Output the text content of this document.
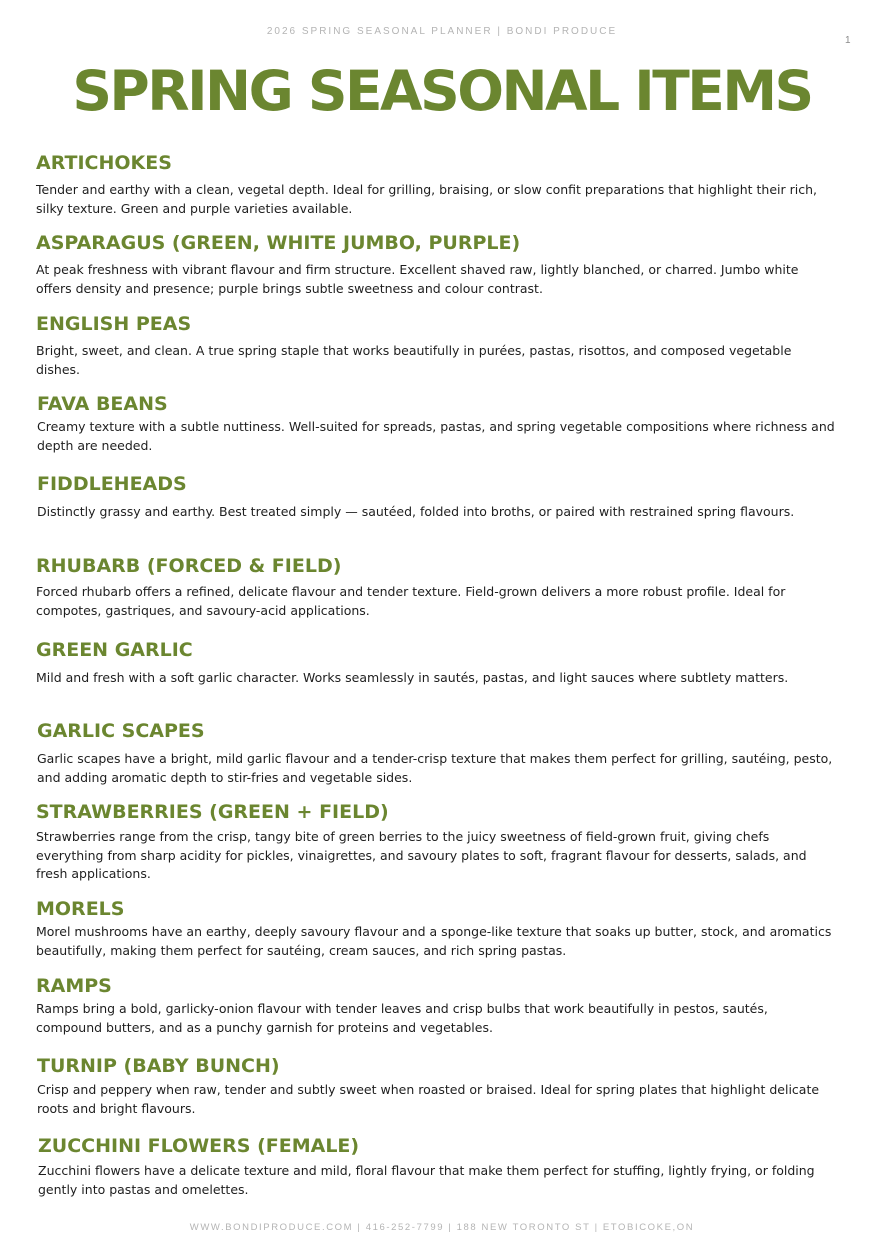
2026 SPRING SEASONAL PLANNER | BONDI PRODUCE
1
SPRING SEASONAL ITEMS
ARTICHOKES

Tender and earthy with a clean, vegetal depth. Ideal for grilling, braising, or slow confit preparations that highlight their rich, silky texture. Green and purple varieties available.

ASPARAGUS (GREEN, WHITE JUMBO, PURPLE)

At peak freshness with vibrant flavour and firm structure. Excellent shaved raw, lightly blanched, or charred. Jumbo white offers density and presence; purple brings subtle sweetness and colour contrast.

ENGLISH PEAS

Bright, sweet, and clean. A true spring staple that works beautifully in purées, pastas, risottos, and composed vegetable dishes.

FAVA BEANS

Creamy texture with a subtle nuttiness. Well-suited for spreads, pastas, and spring vegetable compositions where richness and depth are needed.

FIDDLEHEADS

Distinctly grassy and earthy. Best treated simply — sautéed, folded into broths, or paired with restrained spring flavours.

RHUBARB (FORCED & FIELD)

Forced rhubarb offers a refined, delicate flavour and tender texture. Field-grown delivers a more robust profile. Ideal for compotes, gastriques, and savoury-acid applications.

GREEN GARLIC

Mild and fresh with a soft garlic character. Works seamlessly in sautés, pastas, and light sauces where subtlety matters.

GARLIC SCAPES

Garlic scapes have a bright, mild garlic flavour and a tender-crisp texture that makes them perfect for grilling, sautéing, pesto, and adding aromatic depth to stir-fries and vegetable sides.

STRAWBERRIES (GREEN + FIELD)

Strawberries range from the crisp, tangy bite of green berries to the juicy sweetness of field-grown fruit, giving chefs everything from sharp acidity for pickles, vinaigrettes, and savoury plates to soft, fragrant flavour for desserts, salads, and fresh applications.

MORELS

Morel mushrooms have an earthy, deeply savoury flavour and a sponge-like texture that soaks up butter, stock, and aromatics beautifully, making them perfect for sautéing, cream sauces, and rich spring pastas.

RAMPS

Ramps bring a bold, garlicky-onion flavour with tender leaves and crisp bulbs that work beautifully in pestos, sautés, compound butters, and as a punchy garnish for proteins and vegetables.

TURNIP (BABY BUNCH)

Crisp and peppery when raw, tender and subtly sweet when roasted or braised. Ideal for spring plates that highlight delicate roots and bright flavours.

ZUCCHINI FLOWERS (FEMALE)

Zucchini flowers have a delicate texture and mild, floral flavour that make them perfect for stuffing, lightly frying, or folding gently into pastas and omelettes.

WWW.BONDIPRODUCE.COM | 416-252-7799 | 188 NEW TORONTO ST | ETOBICOKE,ON
